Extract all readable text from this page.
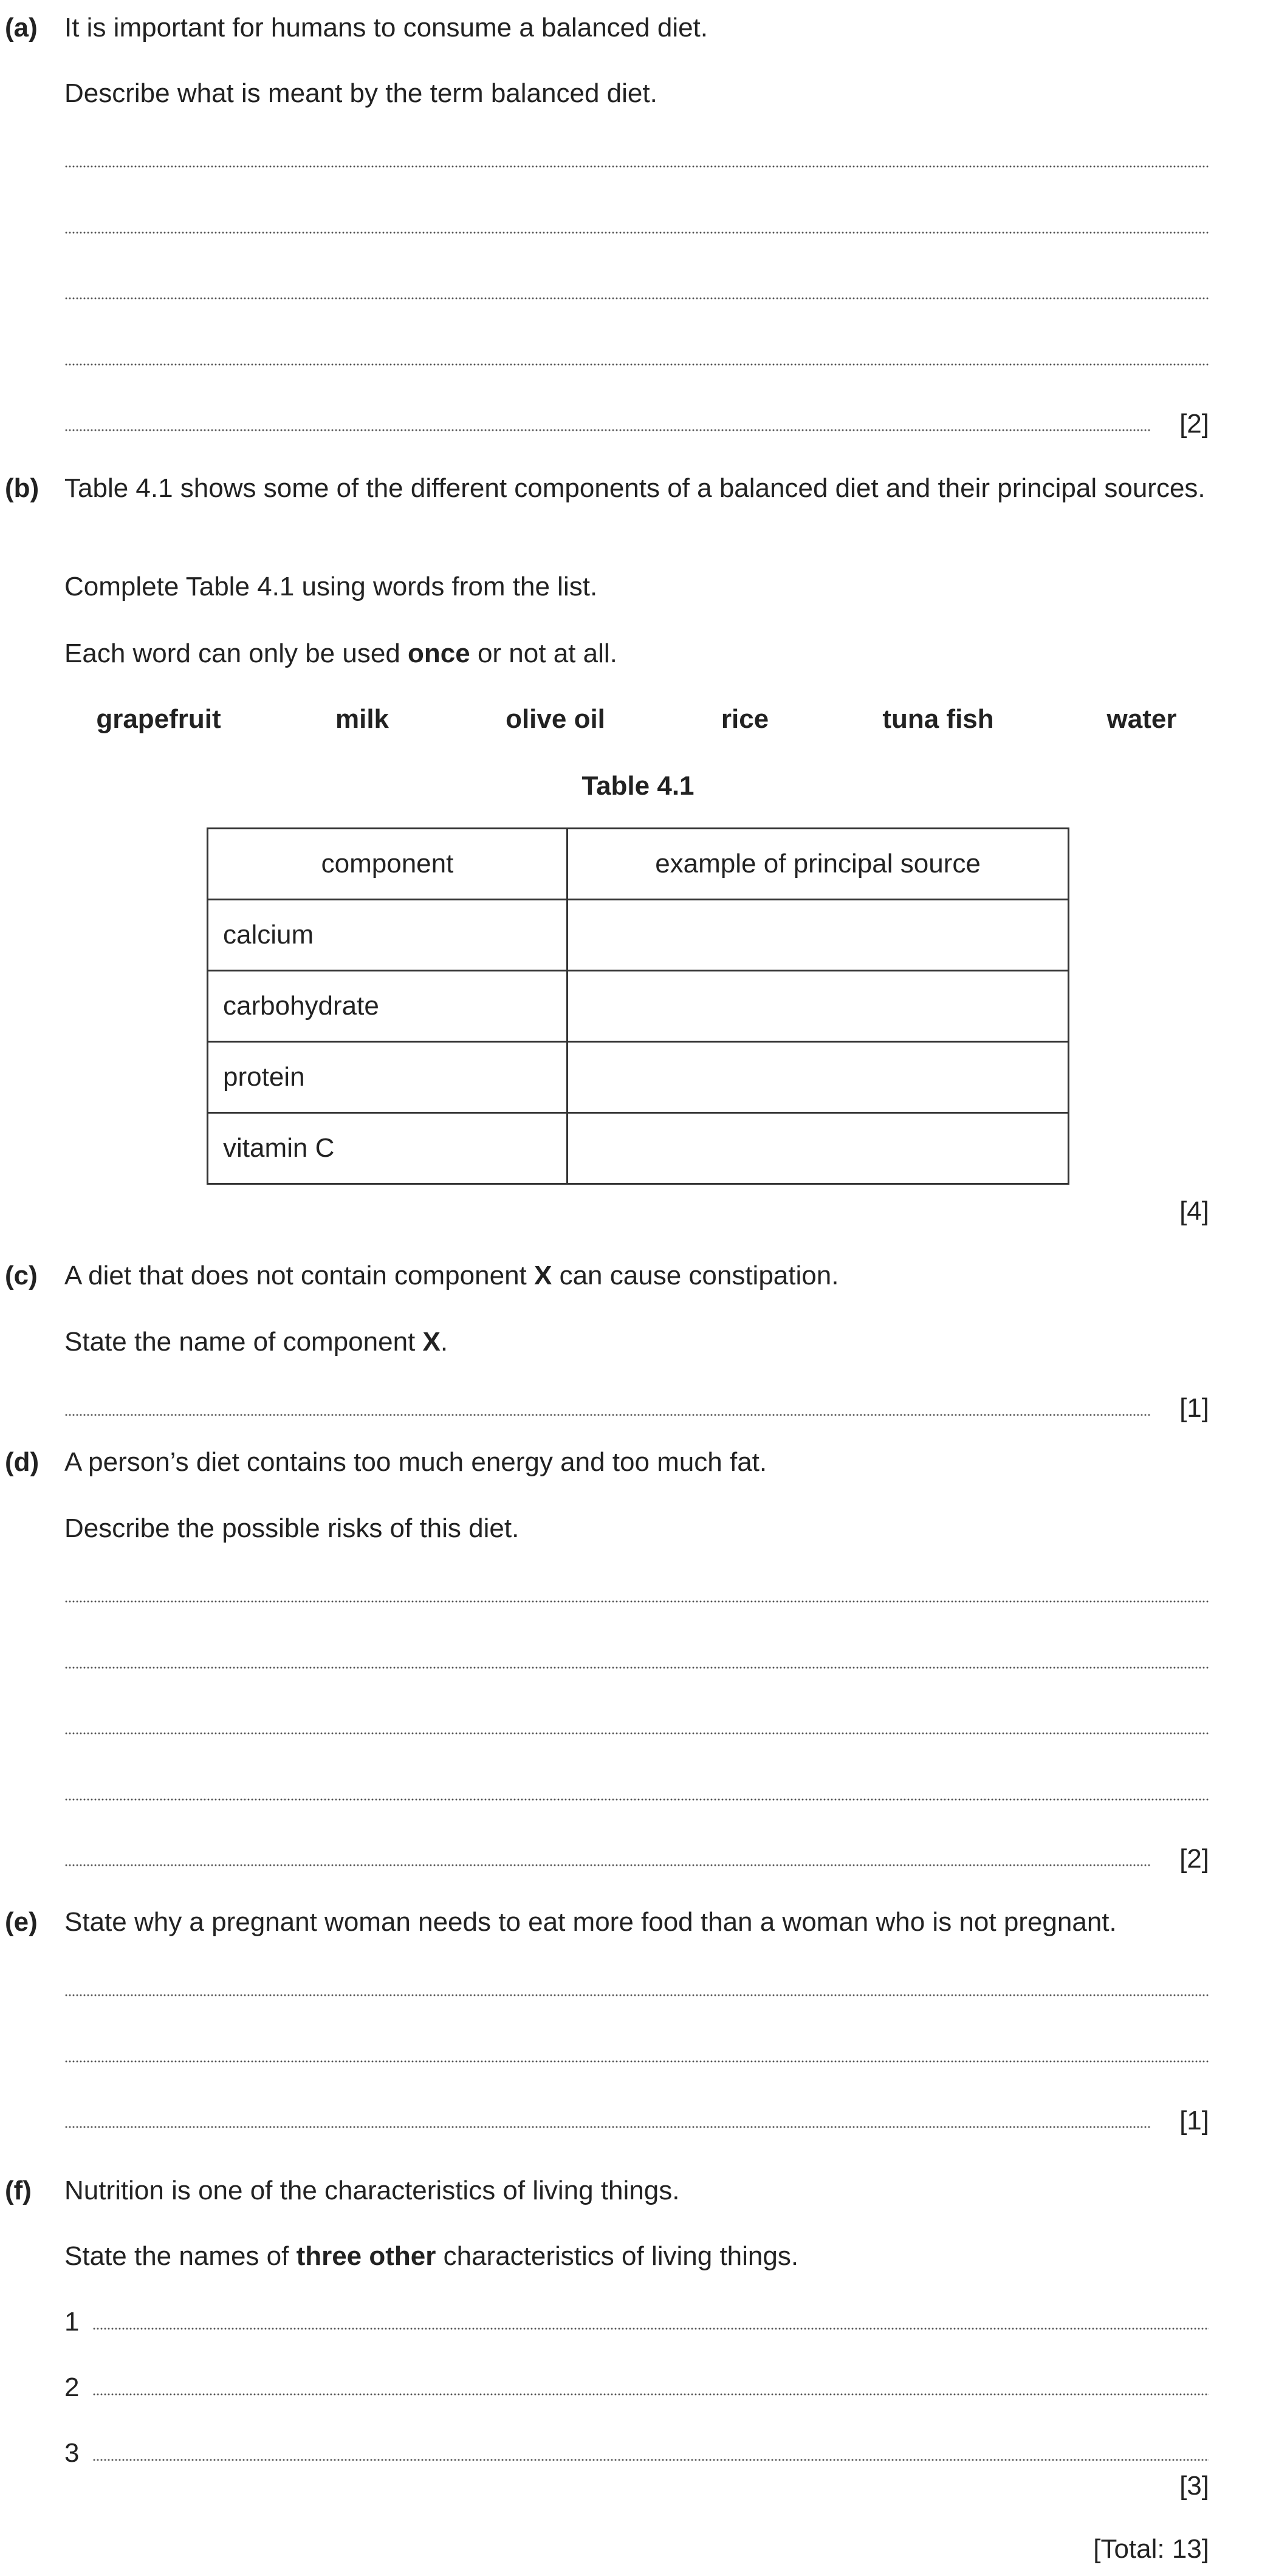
(a) It is important for humans to consume a balanced diet.
Describe what is meant by the term balanced diet.
[2]
(b) Table 4.1 shows some of the different components of a balanced diet and their principal sources.
Complete Table 4.1 using words from the list.
Each word can only be used once or not at all.
grapefruit	milk	olive oil	rice	tuna fish	water
Table 4.1
component	example of principal source
calcium	
carbohydrate	
protein	
vitamin C	
[4]
(c) A diet that does not contain component X can cause constipation.
State the name of component X.
[1]
(d) A person’s diet contains too much energy and too much fat.
Describe the possible risks of this diet.
[2]
(e) State why a pregnant woman needs to eat more food than a woman who is not pregnant.
[1]
(f) Nutrition is one of the characteristics of living things.
State the names of three other characteristics of living things.
1
2
3
[3]
[Total: 13]
